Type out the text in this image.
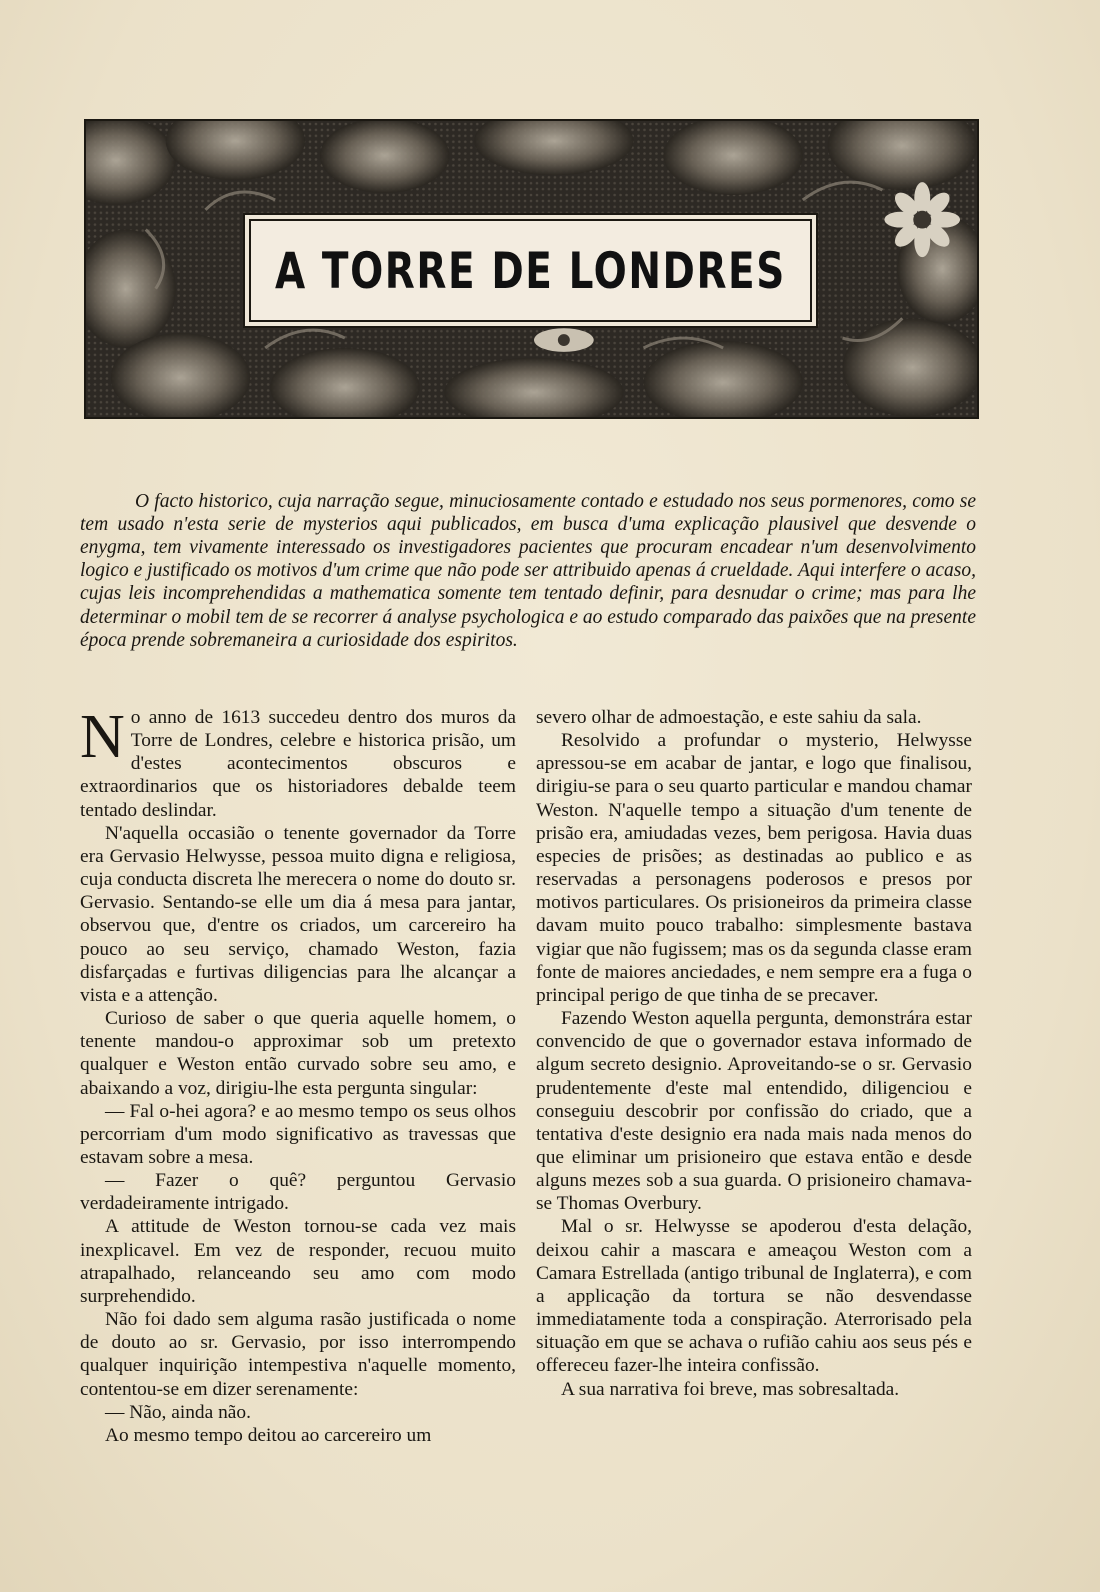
A TORRE DE LONDRES

O facto historico, cuja narração segue, minuciosamente contado e estudado nos seus pormenores, como se tem usado n'esta serie de mysterios aqui publicados, em busca d'uma explicação plausivel que desvende o enygma, tem vivamente interessado os investigadores pacientes que procuram encadear n'um desenvolvimento logico e justificado os motivos d'um crime que não pode ser attribuido apenas á crueldade. Aqui interfere o acaso, cujas leis incomprehendidas a mathematica somente tem tentado definir, para desnudar o crime; mas para lhe determinar o mobil tem de se recorrer á analyse psychologica e ao estudo comparado das paixões que na presente época prende sobremaneira a curiosidade dos espiritos.

No anno de 1613 succedeu dentro dos muros da Torre de Londres, celebre e historica prisão, um d'estes acontecimentos obscuros e extraordinarios que os historiadores debalde teem tentado deslindar.

N'aquella occasião o tenente governador da Torre era Gervasio Helwysse, pessoa muito digna e religiosa, cuja conducta discreta lhe merecera o nome do douto sr. Gervasio. Sentando-se elle um dia á mesa para jantar, observou que, d'entre os criados, um carcereiro ha pouco ao seu serviço, chamado Weston, fazia disfarçadas e furtivas diligencias para lhe alcançar a vista e a attenção.

Curioso de saber o que queria aquelle homem, o tenente mandou-o approximar sob um pretexto qualquer e Weston então curvado sobre seu amo, e abaixando a voz, dirigiu-lhe esta pergunta singular:

— Fal o-hei agora? e ao mesmo tempo os seus olhos percorriam d'um modo significativo as travessas que estavam sobre a mesa.

— Fazer o quê? perguntou Gervasio verdadeiramente intrigado.

A attitude de Weston tornou-se cada vez mais inexplicavel. Em vez de responder, recuou muito atrapalhado, relanceando seu amo com modo surprehendido.

Não foi dado sem alguma rasão justificada o nome de douto ao sr. Gervasio, por isso interrompendo qualquer inquirição intempestiva n'aquelle momento, contentou-se em dizer serenamente:

— Não, ainda não.

Ao mesmo tempo deitou ao carcereiro um

severo olhar de admoestação, e este sahiu da sala.

Resolvido a profundar o mysterio, Helwysse apressou-se em acabar de jantar, e logo que finalisou, dirigiu-se para o seu quarto particular e mandou chamar Weston. N'aquelle tempo a situação d'um tenente de prisão era, amiudadas vezes, bem perigosa. Havia duas especies de prisões; as destinadas ao publico e as reservadas a personagens poderosos e presos por motivos particulares. Os prisioneiros da primeira classe davam muito pouco trabalho: simplesmente bastava vigiar que não fugissem; mas os da segunda classe eram fonte de maiores anciedades, e nem sempre era a fuga o principal perigo de que tinha de se precaver.

Fazendo Weston aquella pergunta, demonstrára estar convencido de que o governador estava informado de algum secreto designio. Aproveitando-se o sr. Gervasio prudentemente d'este mal entendido, diligenciou e conseguiu descobrir por confissão do criado, que a tentativa d'este designio era nada mais nada menos do que eliminar um prisioneiro que estava então e desde alguns mezes sob a sua guarda. O prisioneiro chamava-se Thomas Overbury.

Mal o sr. Helwysse se apoderou d'esta delação, deixou cahir a mascara e ameaçou Weston com a Camara Estrellada (antigo tribunal de Inglaterra), e com a applicação da tortura se não desvendasse immediatamente toda a conspiração. Aterrorisado pela situação em que se achava o rufião cahiu aos seus pés e offereceu fazer-lhe inteira confissão.

A sua narrativa foi breve, mas sobresaltada.
